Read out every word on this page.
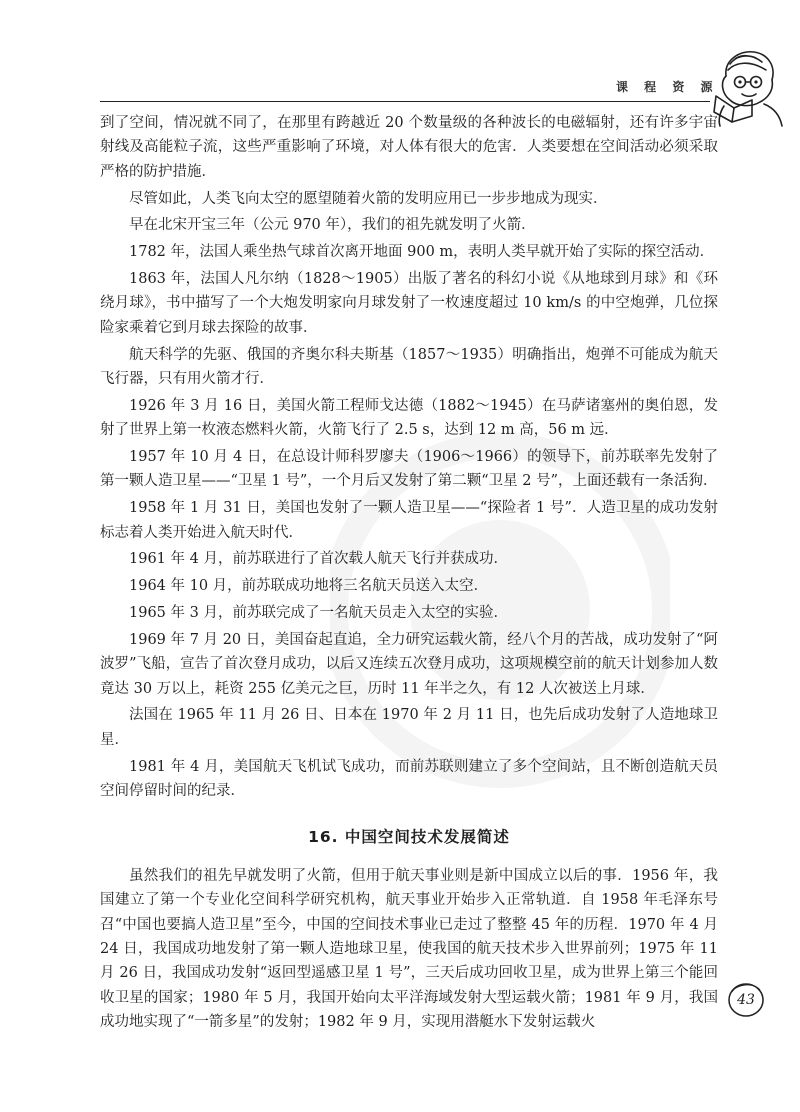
课 程 资 源

到了空间，情况就不同了，在那里有跨越近 20 个数量级的各种波长的电磁辐射，还有许多宇宙射线及高能粒子流，这些严重影响了环境，对人体有很大的危害．人类要想在空间活动必须采取严格的防护措施．

尽管如此，人类飞向太空的愿望随着火箭的发明应用已一步步地成为现实．

早在北宋开宝三年（公元 970 年），我们的祖先就发明了火箭．

1782 年，法国人乘坐热气球首次离开地面 900 m，表明人类早就开始了实际的探空活动．

1863 年，法国人凡尔纳（1828～1905）出版了著名的科幻小说《从地球到月球》和《环绕月球》，书中描写了一个大炮发明家向月球发射了一枚速度超过 10 km/s 的中空炮弹，几位探险家乘着它到月球去探险的故事．

航天科学的先驱、俄国的齐奥尔科夫斯基（1857～1935）明确指出，炮弹不可能成为航天飞行器，只有用火箭才行．

1926 年 3 月 16 日，美国火箭工程师戈达德（1882～1945）在马萨诸塞州的奥伯恩，发射了世界上第一枚液态燃料火箭，火箭飞行了 2.5 s，达到 12 m 高，56 m 远．

1957 年 10 月 4 日，在总设计师科罗廖夫（1906～1966）的领导下，前苏联率先发射了第一颗人造卫星——“卫星 1 号”，一个月后又发射了第二颗“卫星 2 号”，上面还载有一条活狗．

1958 年 1 月 31 日，美国也发射了一颗人造卫星——“探险者 1 号”．人造卫星的成功发射标志着人类开始进入航天时代．

1961 年 4 月，前苏联进行了首次载人航天飞行并获成功．

1964 年 10 月，前苏联成功地将三名航天员送入太空．

1965 年 3 月，前苏联完成了一名航天员走入太空的实验．

1969 年 7 月 20 日，美国奋起直追，全力研究运载火箭，经八个月的苦战，成功发射了“阿波罗”飞船，宣告了首次登月成功，以后又连续五次登月成功，这项规模空前的航天计划参加人数竟达 30 万以上，耗资 255 亿美元之巨，历时 11 年半之久，有 12 人次被送上月球．

法国在 1965 年 11 月 26 日、日本在 1970 年 2 月 11 日，也先后成功发射了人造地球卫星．

1981 年 4 月，美国航天飞机试飞成功，而前苏联则建立了多个空间站，且不断创造航天员空间停留时间的纪录．

16. 中国空间技术发展简述

虽然我们的祖先早就发明了火箭，但用于航天事业则是新中国成立以后的事．1956 年，我国建立了第一个专业化空间科学研究机构，航天事业开始步入正常轨道．自 1958 年毛泽东号召“中国也要搞人造卫星”至今，中国的空间技术事业已走过了整整 45 年的历程．1970 年 4 月 24 日，我国成功地发射了第一颗人造地球卫星，使我国的航天技术步入世界前列；1975 年 11 月 26 日，我国成功发射“返回型遥感卫星 1 号”，三天后成功回收卫星，成为世界上第三个能回收卫星的国家；1980 年 5 月，我国开始向太平洋海域发射大型运载火箭；1981 年 9 月，我国成功地实现了“一箭多星”的发射；1982 年 9 月，实现用潜艇水下发射运载火

43
